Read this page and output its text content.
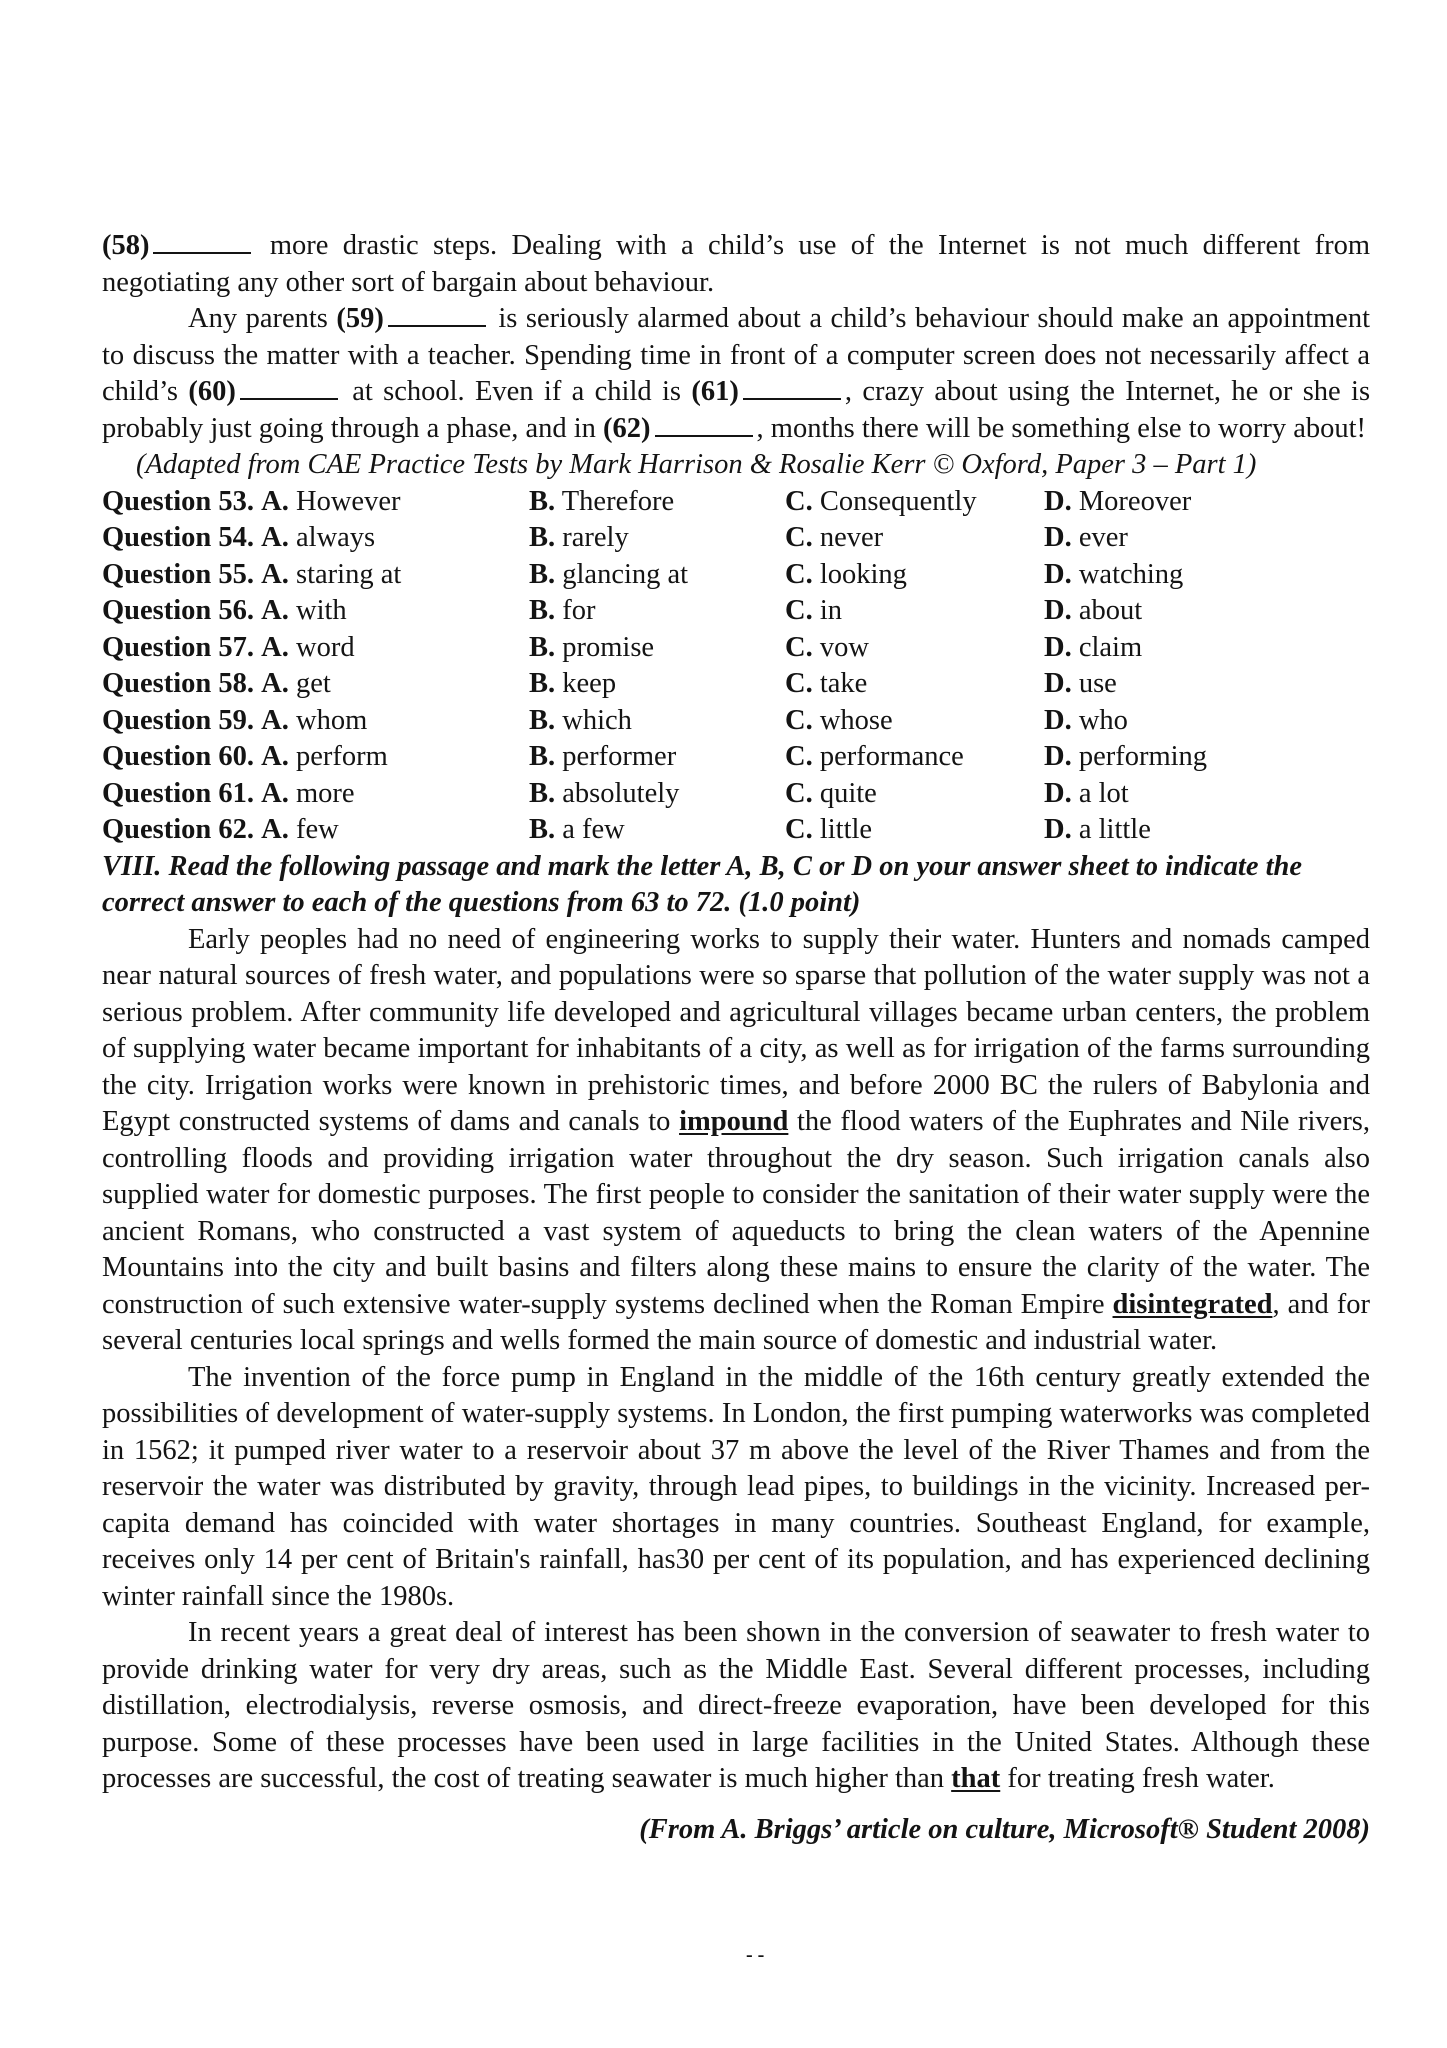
(58)	more drastic steps. Dealing with a child’s use of the Internet is not much different from negotiating any other sort of bargain about behaviour.

Any parents (59)	is seriously alarmed about a child’s behaviour should make an appointment to discuss the matter with a teacher. Spending time in front of a computer screen does not necessarily affect a child’s (60)	at school. Even if a child is (61)	, crazy about using the Internet, he or she is probably just going through a phase, and in (62)	, months there will be something else to worry about!

(Adapted from CAE Practice Tests by Mark Harrison & Rosalie Kerr © Oxford, Paper 3 – Part 1)

Question 53. A. However	B. Therefore	C. Consequently	D. Moreover
Question 54. A. always	B. rarely	C. never	D. ever
Question 55. A. staring at	B. glancing at	C. looking	D. watching
Question 56. A. with	B. for	C. in	D. about
Question 57. A. word	B. promise	C. vow	D. claim
Question 58. A. get	B. keep	C. take	D. use
Question 59. A. whom	B. which	C. whose	D. who
Question 60. A. perform	B. performer	C. performance	D. performing
Question 61. A. more	B. absolutely	C. quite	D. a lot
Question 62. A. few	B. a few	C. little	D. a little

VIII. Read the following passage and mark the letter A, B, C or D on your answer sheet to indicate the correct answer to each of the questions from 63 to 72. (1.0 point)

Early peoples had no need of engineering works to supply their water. Hunters and nomads camped near natural sources of fresh water, and populations were so sparse that pollution of the water supply was not a serious problem. After community life developed and agricultural villages became urban centers, the problem of supplying water became important for inhabitants of a city, as well as for irrigation of the farms surrounding the city. Irrigation works were known in prehistoric times, and before 2000 BC the rulers of Babylonia and Egypt constructed systems of dams and canals to impound the flood waters of the Euphrates and Nile rivers, controlling floods and providing irrigation water throughout the dry season. Such irrigation canals also supplied water for domestic purposes. The first people to consider the sanitation of their water supply were the ancient Romans, who constructed a vast system of aqueducts to bring the clean waters of the Apennine Mountains into the city and built basins and filters along these mains to ensure the clarity of the water. The construction of such extensive water-supply systems declined when the Roman Empire disintegrated, and for several centuries local springs and wells formed the main source of domestic and industrial water.

The invention of the force pump in England in the middle of the 16th century greatly extended the possibilities of development of water-supply systems. In London, the first pumping waterworks was completed in 1562; it pumped river water to a reservoir about 37 m above the level of the River Thames and from the reservoir the water was distributed by gravity, through lead pipes, to buildings in the vicinity. Increased per-capita demand has coincided with water shortages in many countries. Southeast England, for example, receives only 14 per cent of Britain's rainfall, has30 per cent of its population, and has experienced declining winter rainfall since the 1980s.

In recent years a great deal of interest has been shown in the conversion of seawater to fresh water to provide drinking water for very dry areas, such as the Middle East. Several different processes, including distillation, electrodialysis, reverse osmosis, and direct-freeze evaporation, have been developed for this purpose. Some of these processes have been used in large facilities in the United States. Although these processes are successful, the cost of treating seawater is much higher than that for treating fresh water.

(From A. Briggs’ article on culture, Microsoft® Student 2008)

- -
